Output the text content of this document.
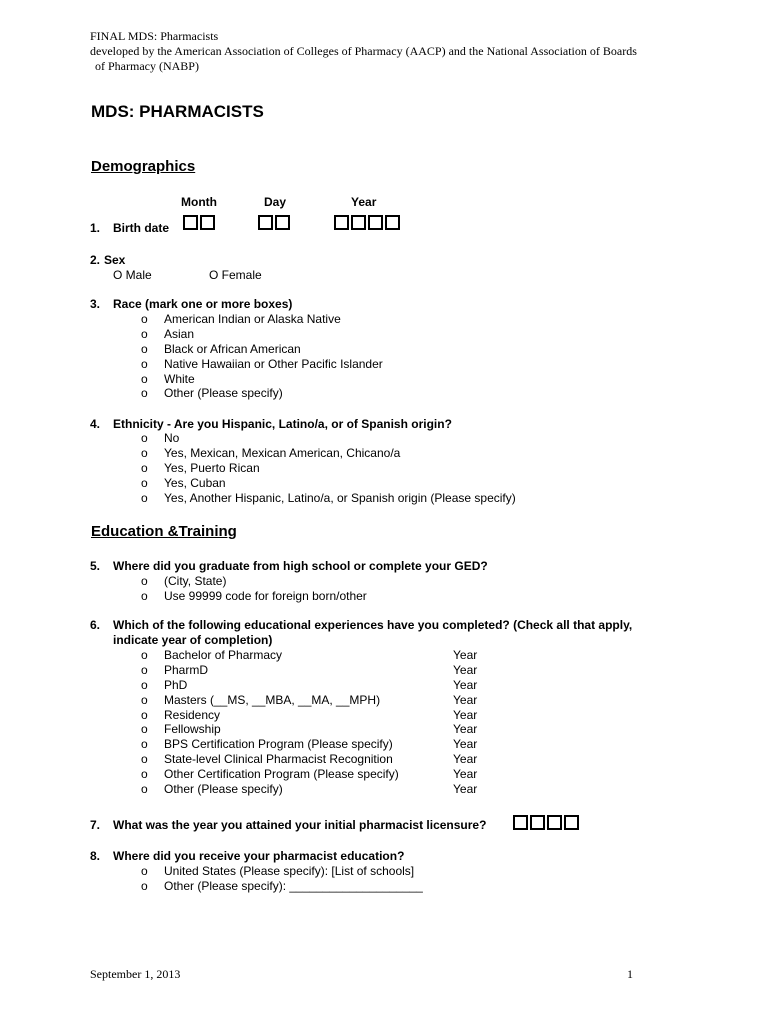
FINAL MDS: Pharmacists
developed by the American Association of Colleges of Pharmacy (AACP) and the National Association of Boards
of Pharmacy (NABP)
MDS: PHARMACISTS
Demographics
Month	Day	Year
1. Birth date
2. Sex
O Male	O Female
3. Race (mark one or more boxes)
o American Indian or Alaska Native
o Asian
o Black or African American
o Native Hawaiian or Other Pacific Islander
o White
o Other (Please specify)
4. Ethnicity - Are you Hispanic, Latino/a, or of Spanish origin?
o No
o Yes, Mexican, Mexican American, Chicano/a
o Yes, Puerto Rican
o Yes, Cuban
o Yes, Another Hispanic, Latino/a, or Spanish origin (Please specify)
Education &Training
5. Where did you graduate from high school or complete your GED?
o (City, State)
o Use 99999 code for foreign born/other
6. Which of the following educational experiences have you completed? (Check all that apply,
indicate year of completion)
o Bachelor of Pharmacy	Year
o PharmD	Year
o PhD	Year
o Masters (__MS, __MBA, __MA, __MPH)	Year
o Residency	Year
o Fellowship	Year
o BPS Certification Program (Please specify)	Year
o State-level Clinical Pharmacist Recognition	Year
o Other Certification Program (Please specify)	Year
o Other (Please specify)	Year
7. What was the year you attained your initial pharmacist licensure?
8. Where did you receive your pharmacist education?
o United States (Please specify): [List of schools]
o Other (Please specify): ____________________
September 1, 2013	1
